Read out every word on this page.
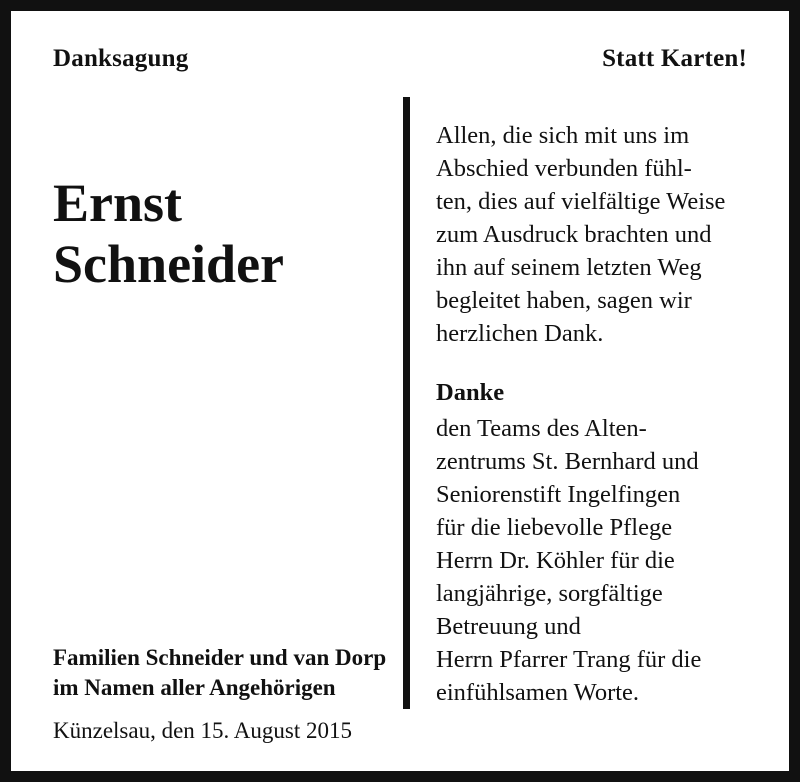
Danksagung	Statt Karten!
Ernst
Schneider
Allen, die sich mit uns im
Abschied verbunden fühl-
ten, dies auf vielfältige Weise
zum Ausdruck brachten und
ihn auf seinem letzten Weg
begleitet haben, sagen wir
herzlichen Dank.
Danke
den Teams des Alten-
zentrums St. Bernhard und
Seniorenstift Ingelfingen
für die liebevolle Pflege
Herrn Dr. Köhler für die
langjährige, sorgfältige
Betreuung und
Herrn Pfarrer Trang für die
einfühlsamen Worte.
Familien Schneider und van Dorp
im Namen aller Angehörigen
Künzelsau, den 15. August 2015
